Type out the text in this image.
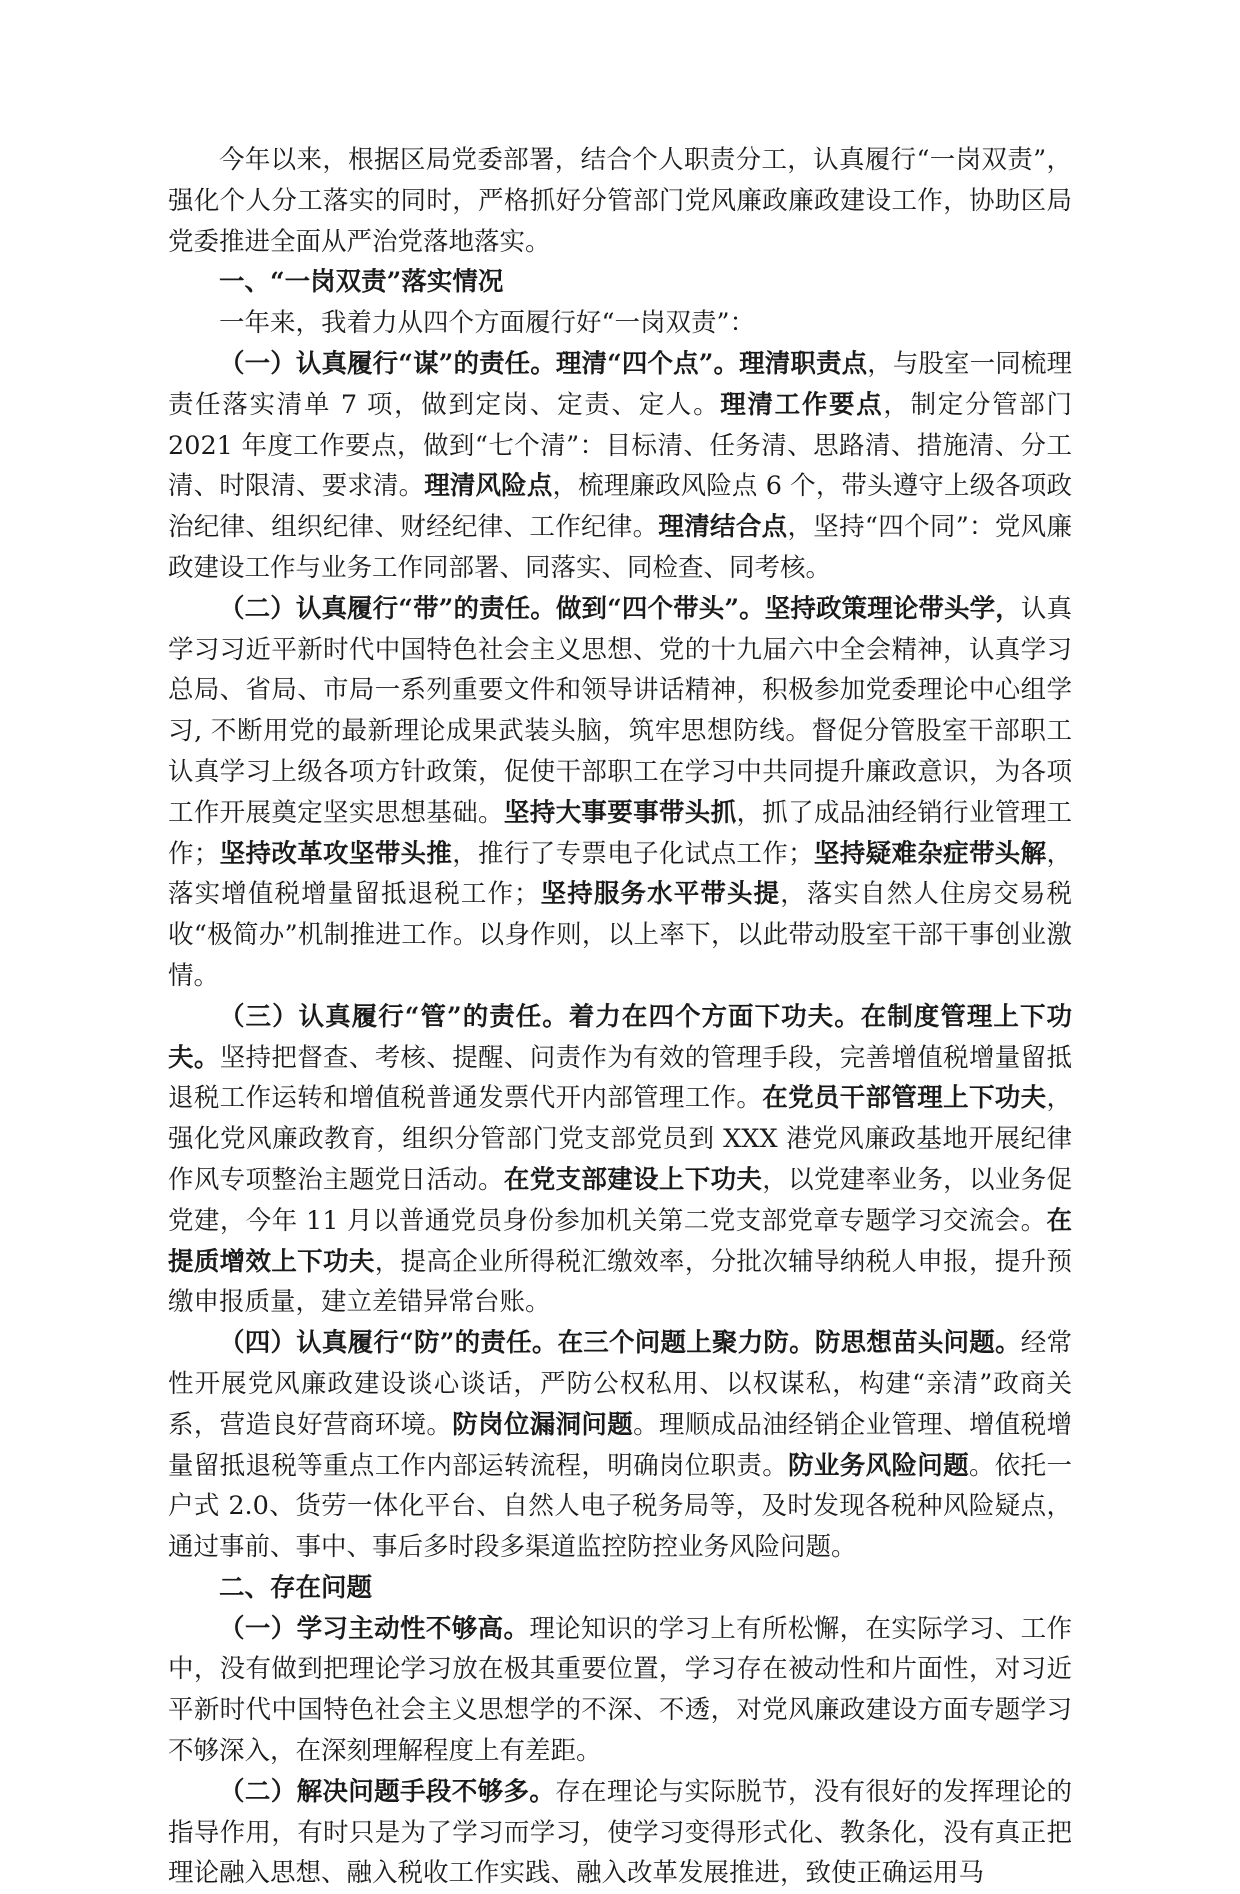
今年以来，根据区局党委部署，结合个人职责分工，认真履行“一岗双责”，强化个人分工落实的同时，严格抓好分管部门党风廉政廉政建设工作，协助区局党委推进全面从严治党落地落实。

一、“一岗双责”落实情况

一年来，我着力从四个方面履行好“一岗双责”：

（一）认真履行“谋”的责任。理清“四个点”。理清职责点，与股室一同梳理责任落实清单 7 项，做到定岗、定责、定人。理清工作要点，制定分管部门 2021 年度工作要点，做到“七个清”：目标清、任务清、思路清、措施清、分工清、时限清、要求清。理清风险点，梳理廉政风险点 6 个，带头遵守上级各项政治纪律、组织纪律、财经纪律、工作纪律。理清结合点，坚持“四个同”：党风廉政建设工作与业务工作同部署、同落实、同检查、同考核。

（二）认真履行“带”的责任。做到“四个带头”。坚持政策理论带头学，认真学习习近平新时代中国特色社会主义思想、党的十九届六中全会精神，认真学习总局、省局、市局一系列重要文件和领导讲话精神，积极参加党委理论中心组学习, 不断用党的最新理论成果武装头脑，筑牢思想防线。督促分管股室干部职工认真学习上级各项方针政策，促使干部职工在学习中共同提升廉政意识，为各项工作开展奠定坚实思想基础。坚持大事要事带头抓，抓了成品油经销行业管理工作；坚持改革攻坚带头推，推行了专票电子化试点工作；坚持疑难杂症带头解，落实增值税增量留抵退税工作；坚持服务水平带头提，落实自然人住房交易税收“极简办”机制推进工作。以身作则，以上率下，以此带动股室干部干事创业激情。

（三）认真履行“管”的责任。着力在四个方面下功夫。在制度管理上下功夫。坚持把督查、考核、提醒、问责作为有效的管理手段，完善增值税增量留抵退税工作运转和增值税普通发票代开内部管理工作。在党员干部管理上下功夫，强化党风廉政教育，组织分管部门党支部党员到 XXX 港党风廉政基地开展纪律作风专项整治主题党日活动。在党支部建设上下功夫，以党建率业务，以业务促党建，今年 11 月以普通党员身份参加机关第二党支部党章专题学习交流会。在提质增效上下功夫，提高企业所得税汇缴效率，分批次辅导纳税人申报，提升预缴申报质量，建立差错异常台账。

（四）认真履行“防”的责任。在三个问题上聚力防。防思想苗头问题。经常性开展党风廉政建设谈心谈话，严防公权私用、以权谋私，构建“亲清”政商关系，营造良好营商环境。防岗位漏洞问题。理顺成品油经销企业管理、增值税增量留抵退税等重点工作内部运转流程，明确岗位职责。防业务风险问题。依托一户式 2.0、货劳一体化平台、自然人电子税务局等，及时发现各税种风险疑点，通过事前、事中、事后多时段多渠道监控防控业务风险问题。

二、存在问题

（一）学习主动性不够高。理论知识的学习上有所松懈，在实际学习、工作中，没有做到把理论学习放在极其重要位置，学习存在被动性和片面性，对习近平新时代中国特色社会主义思想学的不深、不透，对党风廉政建设方面专题学习不够深入，在深刻理解程度上有差距。

（二）解决问题手段不够多。存在理论与实际脱节，没有很好的发挥理论的指导作用，有时只是为了学习而学习，使学习变得形式化、教条化，没有真正把理论融入思想、融入税收工作实践、融入改革发展推进，致使正确运用马
